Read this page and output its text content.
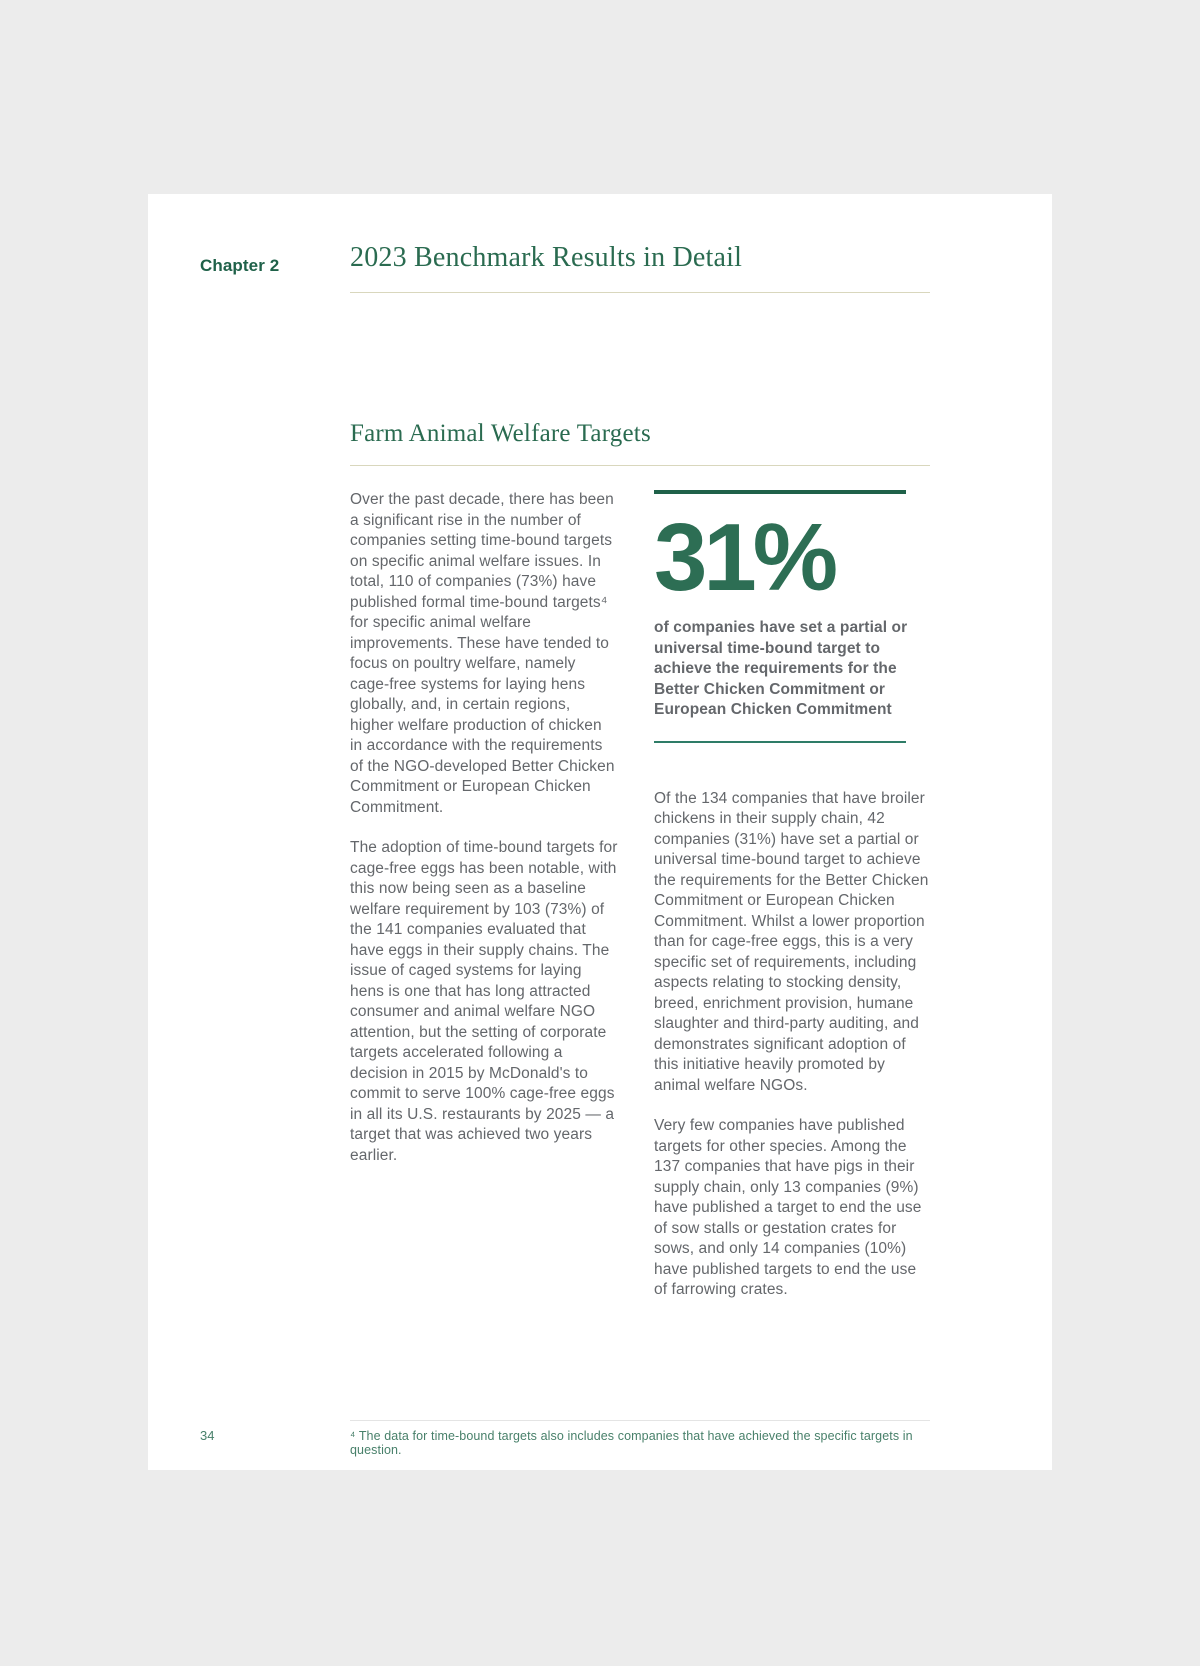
Chapter 2	2023 Benchmark Results in Detail
Farm Animal Welfare Targets

Over the past decade, there has been a significant rise in the number of companies setting time-bound targets on specific animal welfare issues. In total, 110 of companies (73%) have published formal time-bound targets⁴ for specific animal welfare improvements. These have tended to focus on poultry welfare, namely cage-free systems for laying hens globally, and, in certain regions, higher welfare production of chicken in accordance with the requirements of the NGO-developed Better Chicken Commitment or European Chicken Commitment.

The adoption of time-bound targets for cage-free eggs has been notable, with this now being seen as a baseline welfare requirement by 103 (73%) of the 141 companies evaluated that have eggs in their supply chains. The issue of caged systems for laying hens is one that has long attracted consumer and animal welfare NGO attention, but the setting of corporate targets accelerated following a decision in 2015 by McDonald's to commit to serve 100% cage-free eggs in all its U.S. restaurants by 2025 — a target that was achieved two years earlier.

31%

of companies have set a partial or universal time-bound target to achieve the requirements for the Better Chicken Commitment or European Chicken Commitment

Of the 134 companies that have broiler chickens in their supply chain, 42 companies (31%) have set a partial or universal time-bound target to achieve the requirements for the Better Chicken Commitment or European Chicken Commitment. Whilst a lower proportion than for cage-free eggs, this is a very specific set of requirements, including aspects relating to stocking density, breed, enrichment provision, humane slaughter and third-party auditing, and demonstrates significant adoption of this initiative heavily promoted by animal welfare NGOs.

Very few companies have published targets for other species. Among the 137 companies that have pigs in their supply chain, only 13 companies (9%) have published a target to end the use of sow stalls or gestation crates for sows, and only 14 companies (10%) have published targets to end the use of farrowing crates.

⁴ The data for time-bound targets also includes companies that have achieved the specific targets in question.

34
